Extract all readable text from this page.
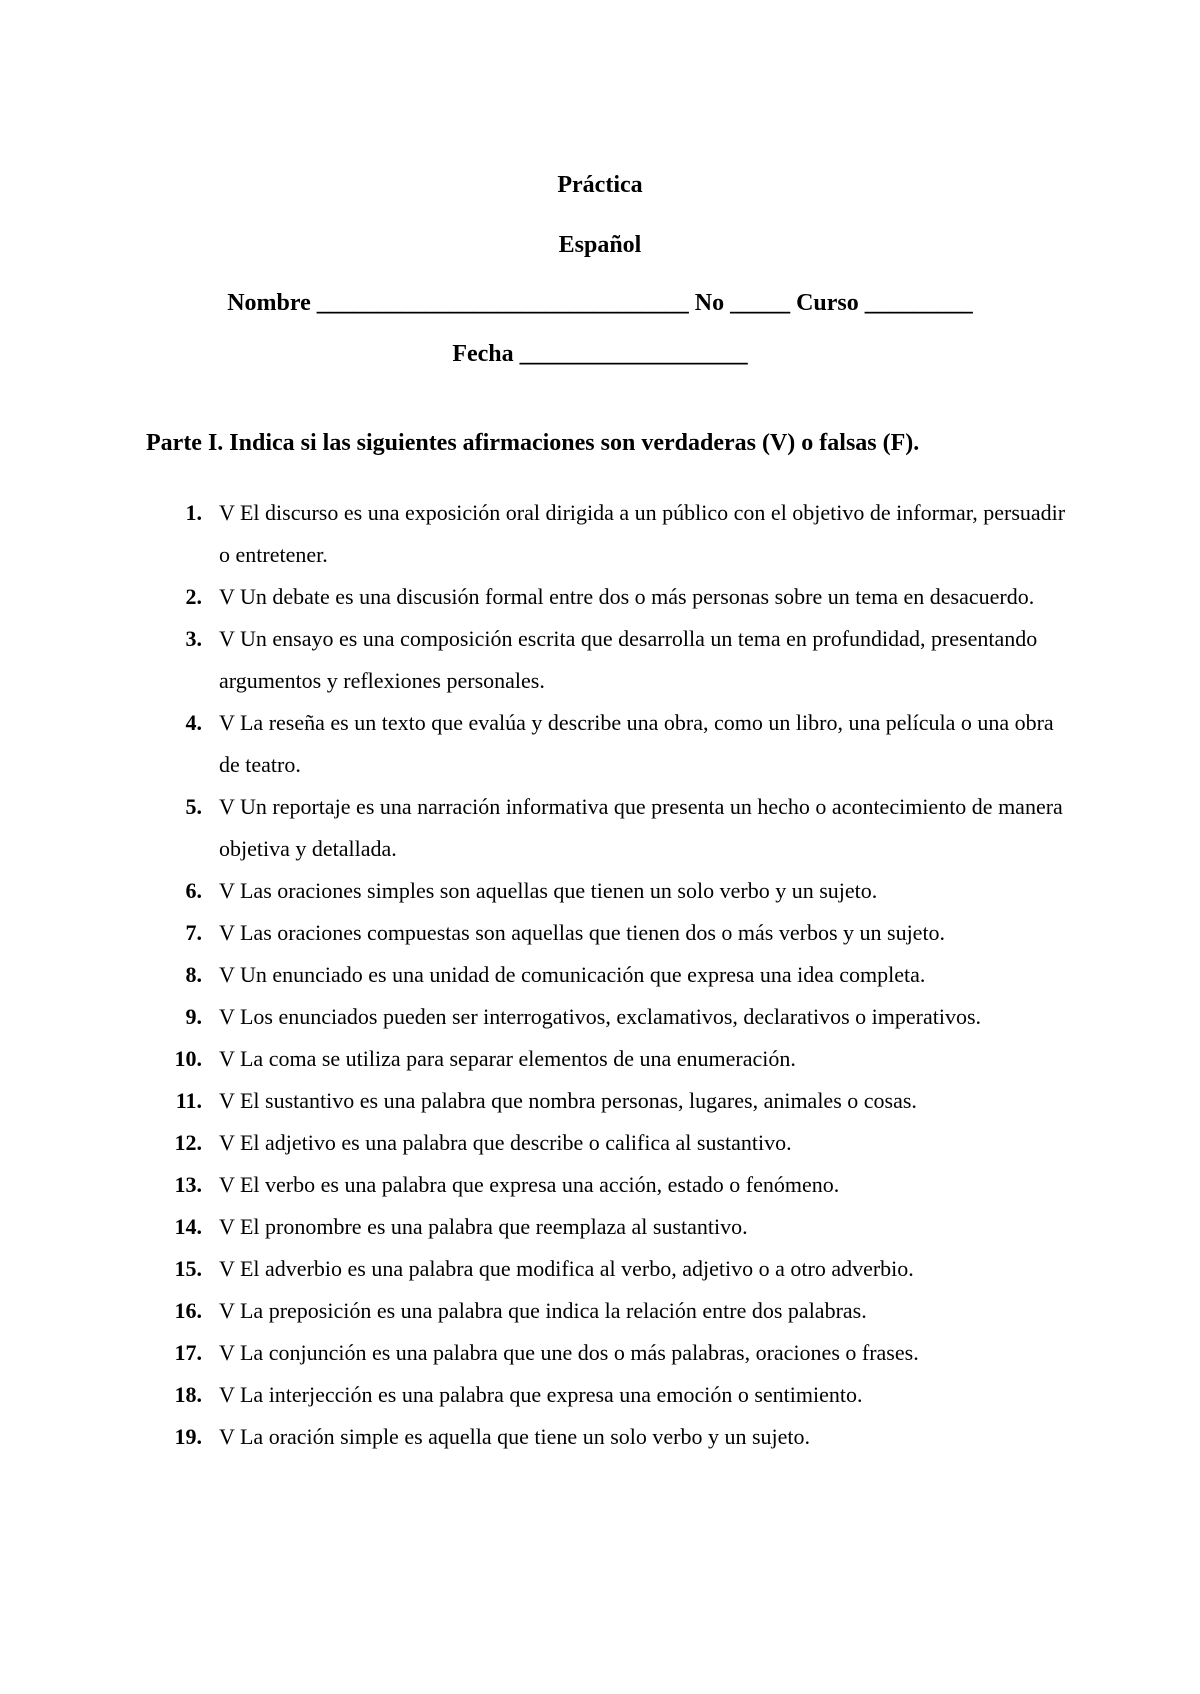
Práctica
Español
Nombre _______________________________ No _____ Curso _________
Fecha ___________________
Parte I. Indica si las siguientes afirmaciones son verdaderas (V) o falsas (F).
1. V El discurso es una exposición oral dirigida a un público con el objetivo de informar, persuadir o entretener.
2. V Un debate es una discusión formal entre dos o más personas sobre un tema en desacuerdo.
3. V Un ensayo es una composición escrita que desarrolla un tema en profundidad, presentando argumentos y reflexiones personales.
4. V La reseña es un texto que evalúa y describe una obra, como un libro, una película o una obra de teatro.
5. V Un reportaje es una narración informativa que presenta un hecho o acontecimiento de manera objetiva y detallada.
6. V Las oraciones simples son aquellas que tienen un solo verbo y un sujeto.
7. V Las oraciones compuestas son aquellas que tienen dos o más verbos y un sujeto.
8. V Un enunciado es una unidad de comunicación que expresa una idea completa.
9. V Los enunciados pueden ser interrogativos, exclamativos, declarativos o imperativos.
10. V La coma se utiliza para separar elementos de una enumeración.
11. V El sustantivo es una palabra que nombra personas, lugares, animales o cosas.
12. V El adjetivo es una palabra que describe o califica al sustantivo.
13. V El verbo es una palabra que expresa una acción, estado o fenómeno.
14. V El pronombre es una palabra que reemplaza al sustantivo.
15. V El adverbio es una palabra que modifica al verbo, adjetivo o a otro adverbio.
16. V La preposición es una palabra que indica la relación entre dos palabras.
17. V La conjunción es una palabra que une dos o más palabras, oraciones o frases.
18. V La interjección es una palabra que expresa una emoción o sentimiento.
19. V La oración simple es aquella que tiene un solo verbo y un sujeto.
